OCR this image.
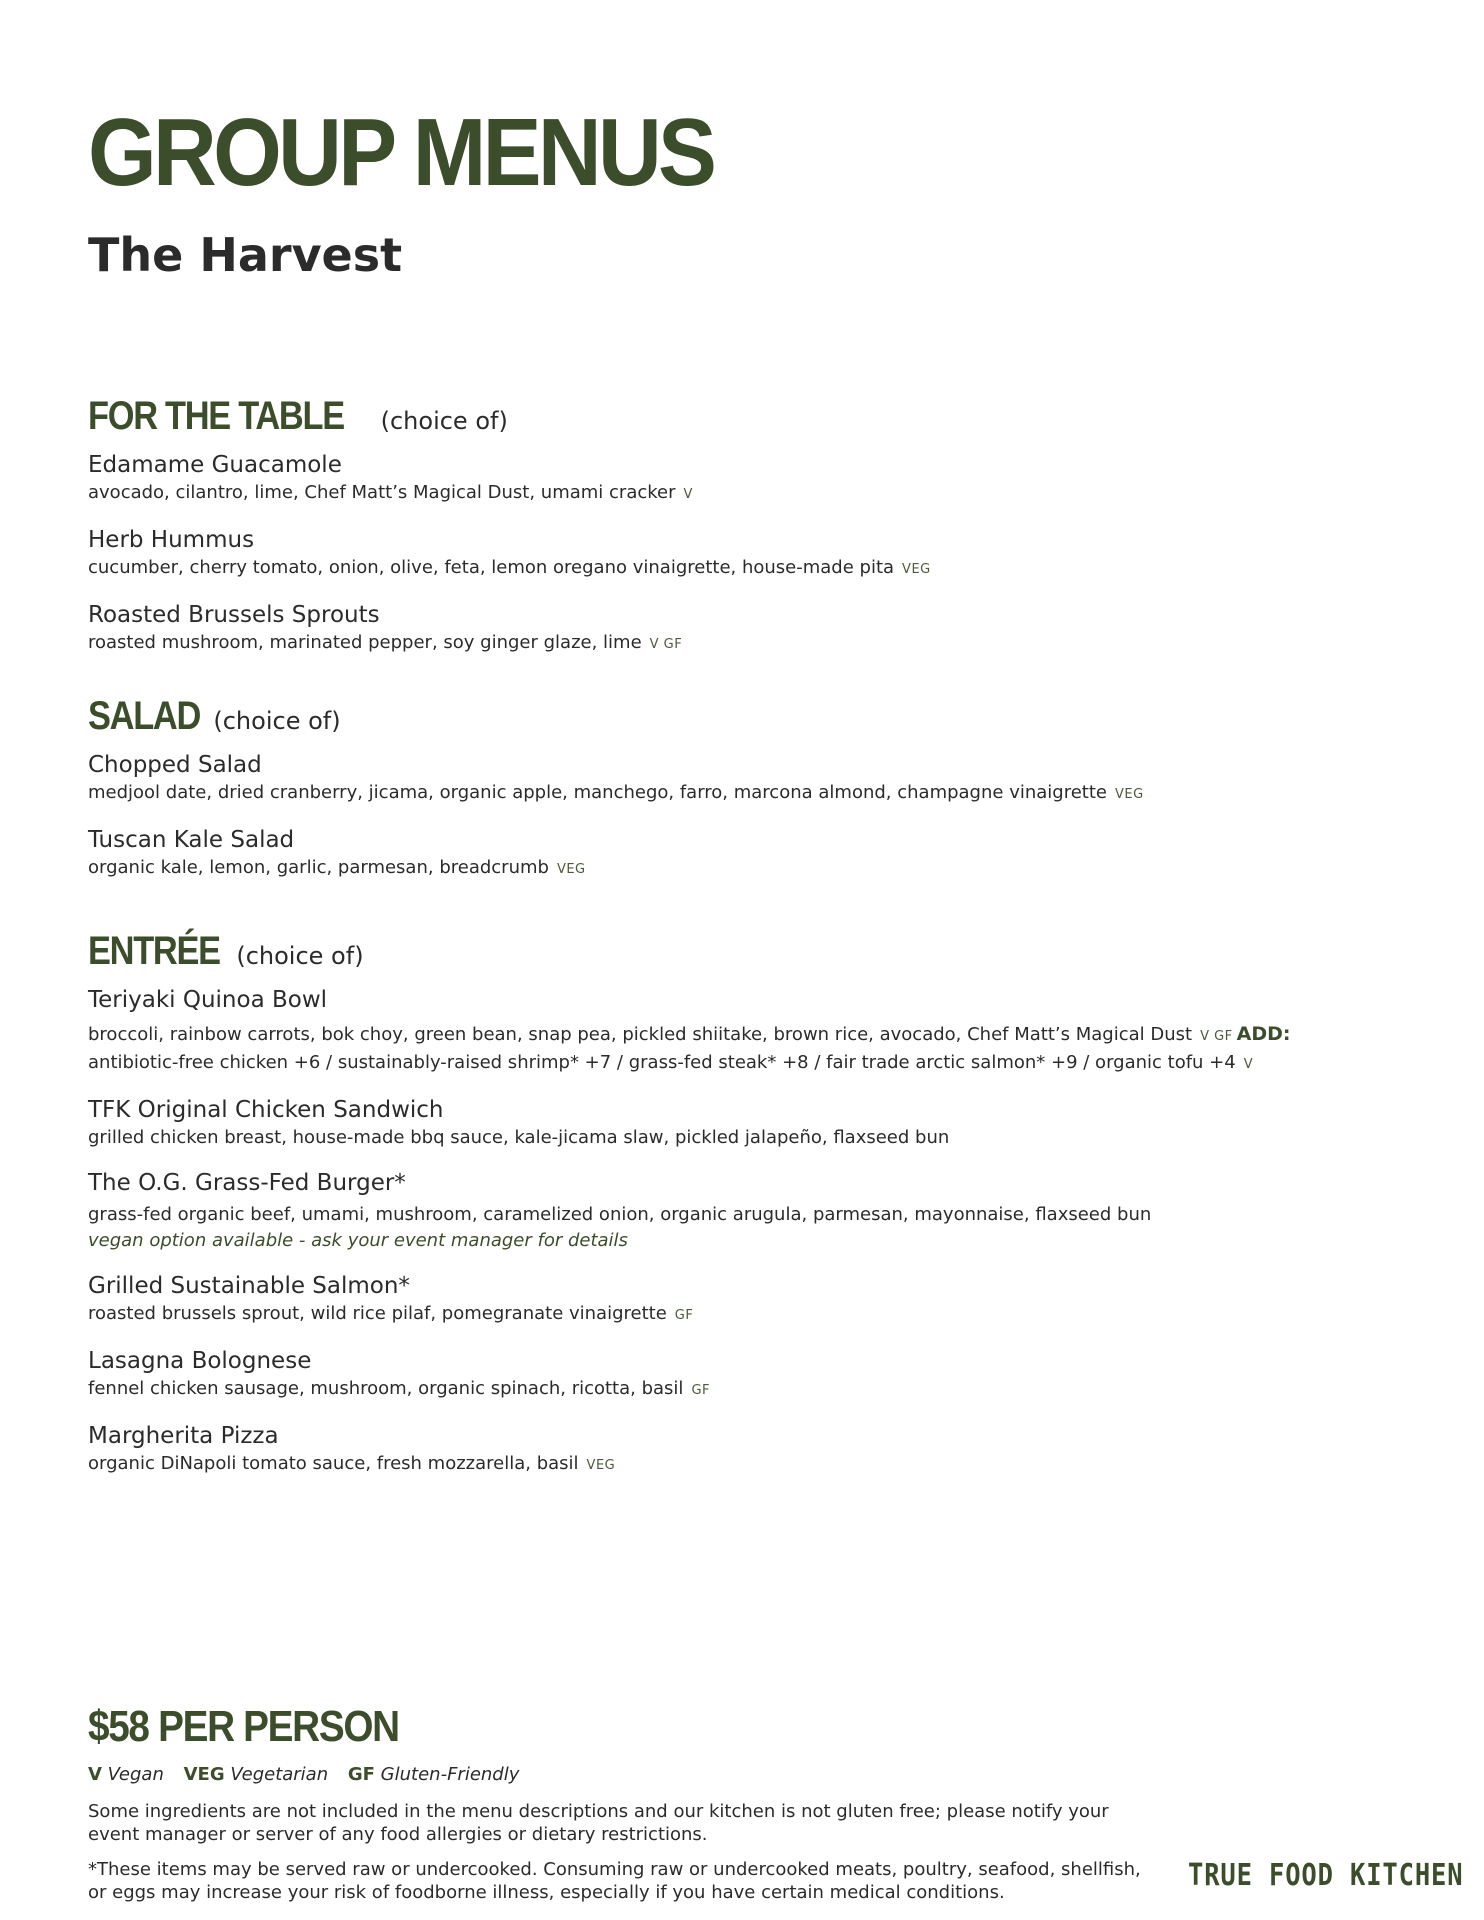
GROUP MENUS
The Harvest
FOR THE TABLE (choice of)
Edamame Guacamole
avocado, cilantro, lime, Chef Matt’s Magical Dust, umami cracker V
Herb Hummus
cucumber, cherry tomato, onion, olive, feta, lemon oregano vinaigrette, house-made pita VEG
Roasted Brussels Sprouts
roasted mushroom, marinated pepper, soy ginger glaze, lime V GF
SALAD (choice of)
Chopped Salad
medjool date, dried cranberry, jicama, organic apple, manchego, farro, marcona almond, champagne vinaigrette VEG
Tuscan Kale Salad
organic kale, lemon, garlic, parmesan, breadcrumb VEG
ENTRÉE (choice of)
Teriyaki Quinoa Bowl
broccoli, rainbow carrots, bok choy, green bean, snap pea, pickled shiitake, brown rice, avocado, Chef Matt’s Magical Dust V GF ADD:
antibiotic-free chicken +6 / sustainably-raised shrimp* +7 / grass-fed steak* +8 / fair trade arctic salmon* +9 / organic tofu +4 V
TFK Original Chicken Sandwich
grilled chicken breast, house-made bbq sauce, kale-jicama slaw, pickled jalapeño, flaxseed bun
The O.G. Grass-Fed Burger*
grass-fed organic beef, umami, mushroom, caramelized onion, organic arugula, parmesan, mayonnaise, flaxseed bun
vegan option available - ask your event manager for details
Grilled Sustainable Salmon*
roasted brussels sprout, wild rice pilaf, pomegranate vinaigrette GF
Lasagna Bolognese
fennel chicken sausage, mushroom, organic spinach, ricotta, basil GF
Margherita Pizza
organic DiNapoli tomato sauce, fresh mozzarella, basil VEG
$58 PER PERSON
V Vegan VEG Vegetarian GF Gluten-Friendly

Some ingredients are not included in the menu descriptions and our kitchen is not gluten free; please notify your event manager or server of any food allergies or dietary restrictions.

*These items may be served raw or undercooked. Consuming raw or undercooked meats, poultry, seafood, shellfish, or eggs may increase your risk of foodborne illness, especially if you have certain medical conditions.	TRUE FOOD KITCHEN
